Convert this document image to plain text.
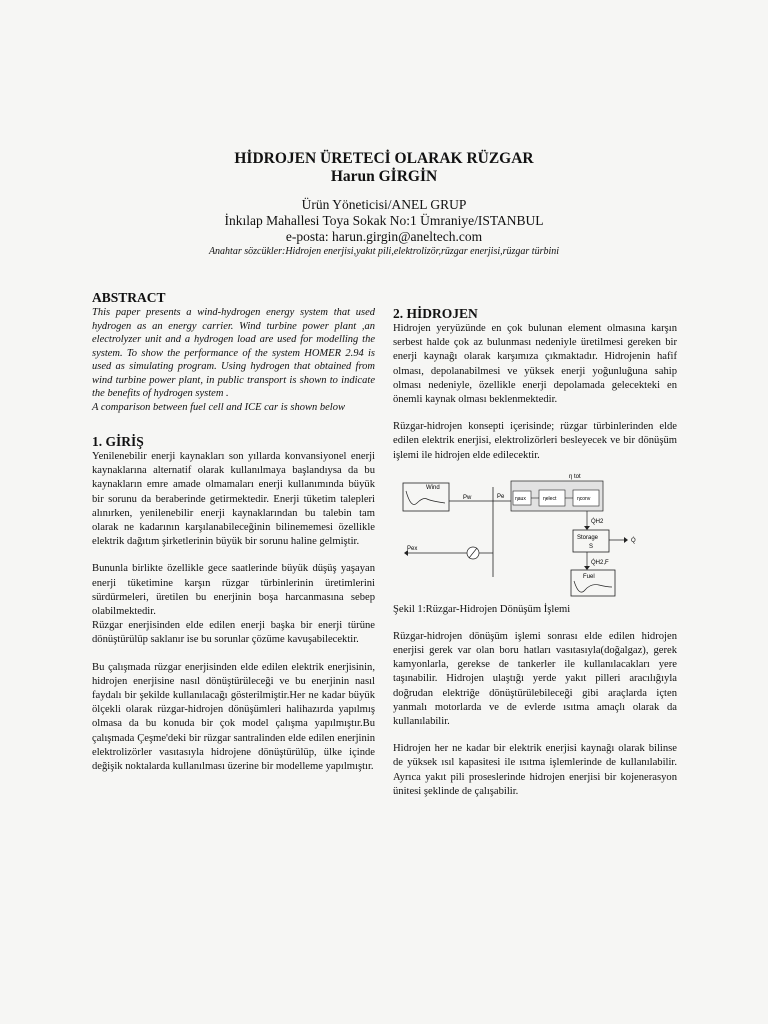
HİDROJEN ÜRETECİ OLARAK RÜZGAR
Harun GİRGİN
Ürün Yöneticisi/ANEL GRUP
İnkılap Mahallesi Toya Sokak No:1 Ümraniye/ISTANBUL
e-posta: harun.girgin@aneltech.com
Anahtar sözcükler:Hidrojen enerjisi,yakıt pili,elektrolizör,rüzgar enerjisi,rüzgar türbini
ABSTRACT

This paper presents a wind-hydrogen energy system that used hydrogen as an energy carrier. Wind turbine power plant ,an electrolyzer unit and a hydrogen load are used for modelling the system. To show the performance of the system HOMER 2.94 is used as simulating program. Using hydrogen that obtained from wind turbine power plant, in public transport is shown to indicate the benefits of hydrogen system .

A comparison between fuel cell and ICE car is shown below

1. GİRİŞ

Yenilenebilir enerji kaynakları son yıllarda konvansiyonel enerji kaynaklarına alternatif olarak kullanılmaya başlandıysa da bu kaynakların emre amade olmamaları enerji kullanımında büyük bir sorunu da beraberinde getirmektedir. Enerji tüketim talepleri alınırken, yenilenebilir enerji kaynaklarından bu talebin tam olarak ne kadarının karşılanabileceğinin bilinememesi özellikle elektrik dağıtım şirketlerinin büyük bir sorunu haline gelmiştir.

Bununla birlikte özellikle gece saatlerinde büyük düşüş yaşayan enerji tüketimine karşın rüzgar türbinlerinin üretimlerini sürdürmeleri, üretilen bu enerjinin boşa harcanmasına sebep olabilmektedir.

Rüzgar enerjisinden elde edilen enerji başka bir enerji türüne dönüştürülüp saklanır ise bu sorunlar çözüme kavuşabilecektir.

Bu çalışmada rüzgar enerjisinden elde edilen elektrik enerjisinin, hidrojen enerjisine nasıl dönüştürüleceği ve bu enerjinin nasıl faydalı bir şekilde kullanılacağı gösterilmiştir.Her ne kadar büyük ölçekli olarak rüzgar-hidrojen dönüşümleri halihazırda yapılmış olmasa da bu konuda bir çok model çalışma yapılmıştır.Bu çalışmada Çeşme'deki bir rüzgar santralinden elde edilen enerjinin elektrolizörler vasıtasıyla hidrojene dönüştürülüp, ülke içinde değişik noktalarda kullanılması üzerine bir modelleme yapılmıştır.

2. HİDROJEN

Hidrojen yeryüzünde en çok bulunan element olmasına karşın serbest halde çok az bulunması nedeniyle üretilmesi gereken bir enerji kaynağı olarak karşımıza çıkmaktadır. Hidrojenin hafif olması, depolanabilmesi ve yüksek enerji yoğunluğuna sahip olması nedeniyle, özellikle enerji depolamada gelecekteki en önemli kaynak olması beklenmektedir.

Rüzgar-hidrojen konsepti içerisinde; rüzgar türbinlerinden elde edilen elektrik enerjisi, elektrolizörleri besleyecek ve bir dönüşüm işlemi ile hidrojen elde edilecektir.

Wind
Pw	Pe
η tot
ηaux	ηelect	ηconv
Q̇H2
Storage
S
Q̇
Q̇H2,F
Fuel
Pex
Şekil 1:Rüzgar-Hidrojen Dönüşüm İşlemi

Rüzgar-hidrojen dönüşüm işlemi sonrası elde edilen hidrojen enerjisi gerek var olan boru hatları vasıtasıyla(doğalgaz), gerek kamyonlarla, gerekse de tankerler ile kullanılacakları yere taşınabilir. Hidrojen ulaştığı yerde yakıt pilleri aracılığıyla doğrudan elektriğe dönüştürülebileceği gibi araçlarda içten yanmalı motorlarda ve de evlerde ısıtma amaçlı olarak da kullanılabilir.

Hidrojen her ne kadar bir elektrik enerjisi kaynağı olarak bilinse de yüksek ısıl kapasitesi ile ısıtma işlemlerinde de kullanılabilir. Ayrıca yakıt pili proseslerinde hidrojen enerjisi bir kojenerasyon ünitesi şeklinde de çalışabilir.
